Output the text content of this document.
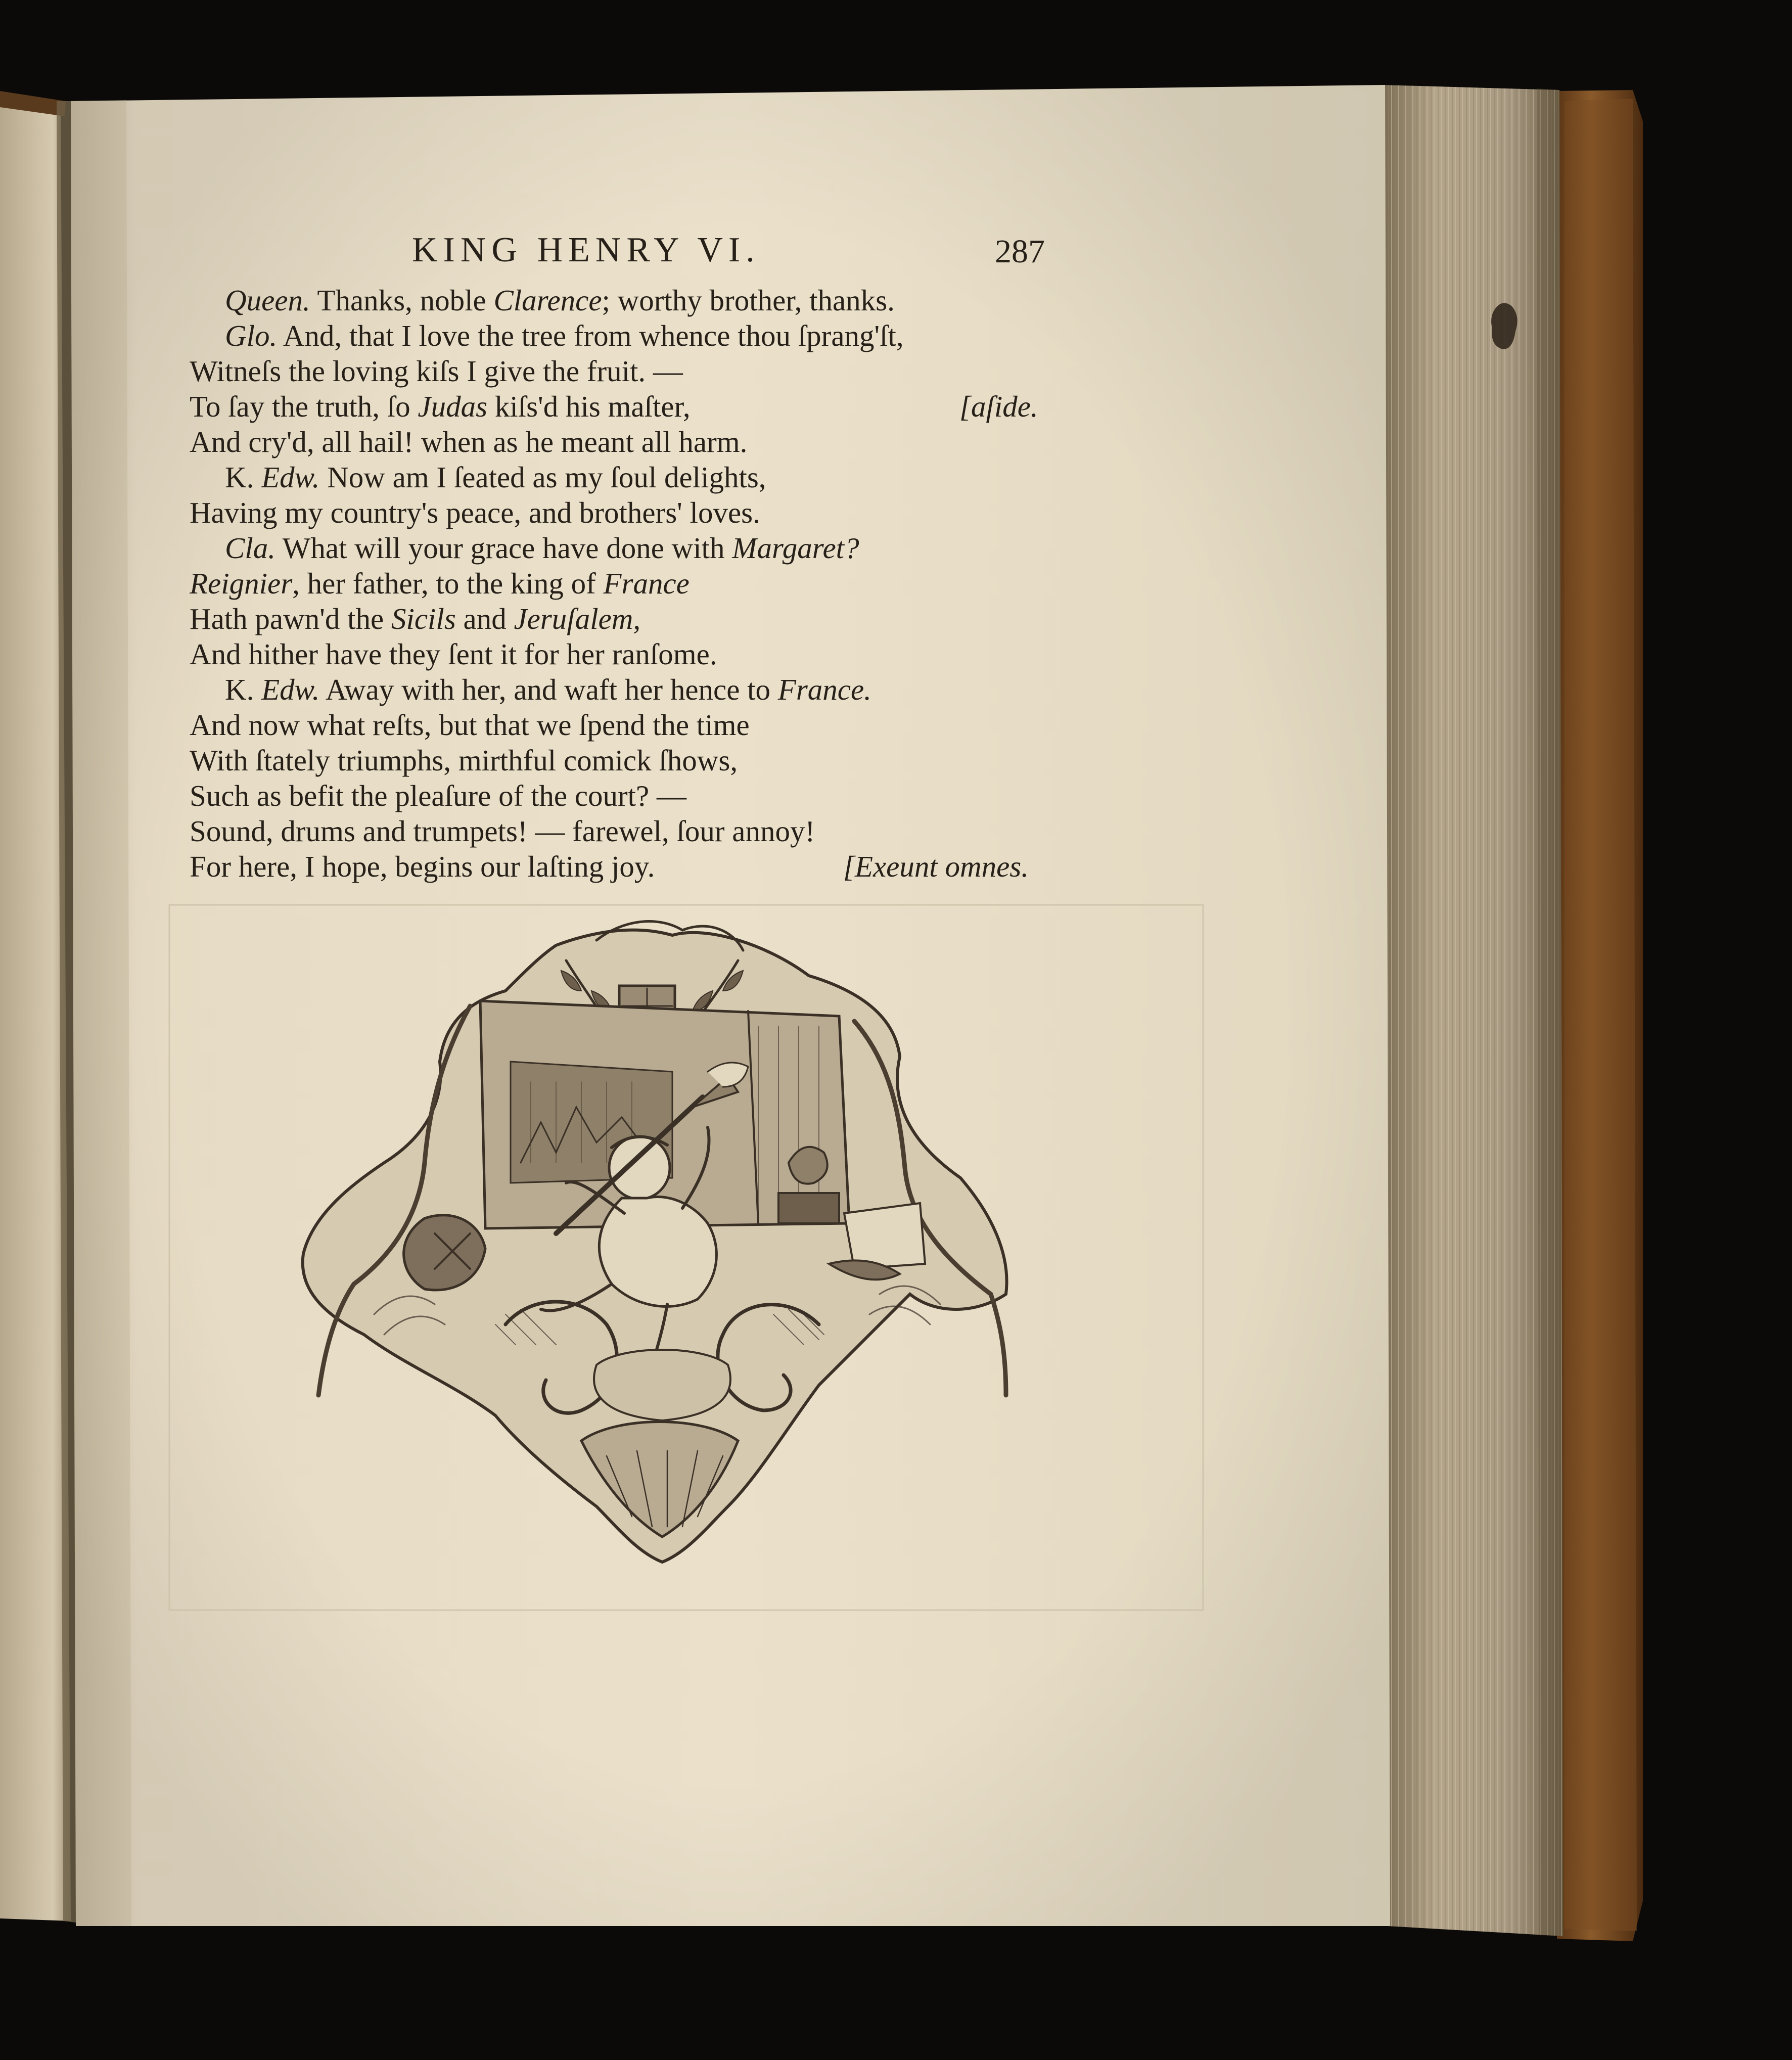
KING HENRY VI.	287
Queen. Thanks, noble Clarence; worthy brother, thanks.
Glo. And, that I love the tree from whence thou ſprang'ſt,
Witneſs the loving kiſs I give the fruit. —
To ſay the truth, ſo Judas kiſs'd his maſter,	[aſide.
And cry'd, all hail! when as he meant all harm.
K. Edw. Now am I ſeated as my ſoul delights,
Having my country's peace, and brothers' loves.
Cla. What will your grace have done with Margaret?
Reignier, her father, to the king of France
Hath pawn'd the Sicils and Jeruſalem,
And hither have they ſent it for her ranſome.
K. Edw. Away with her, and waft her hence to France.
And now what reſts, but that we ſpend the time
With ſtately triumphs, mirthful comick ſhows,
Such as befit the pleaſure of the court? —
Sound, drums and trumpets! — farewel, ſour annoy!
For here, I hope, begins our laſting joy.	[Exeunt omnes.
